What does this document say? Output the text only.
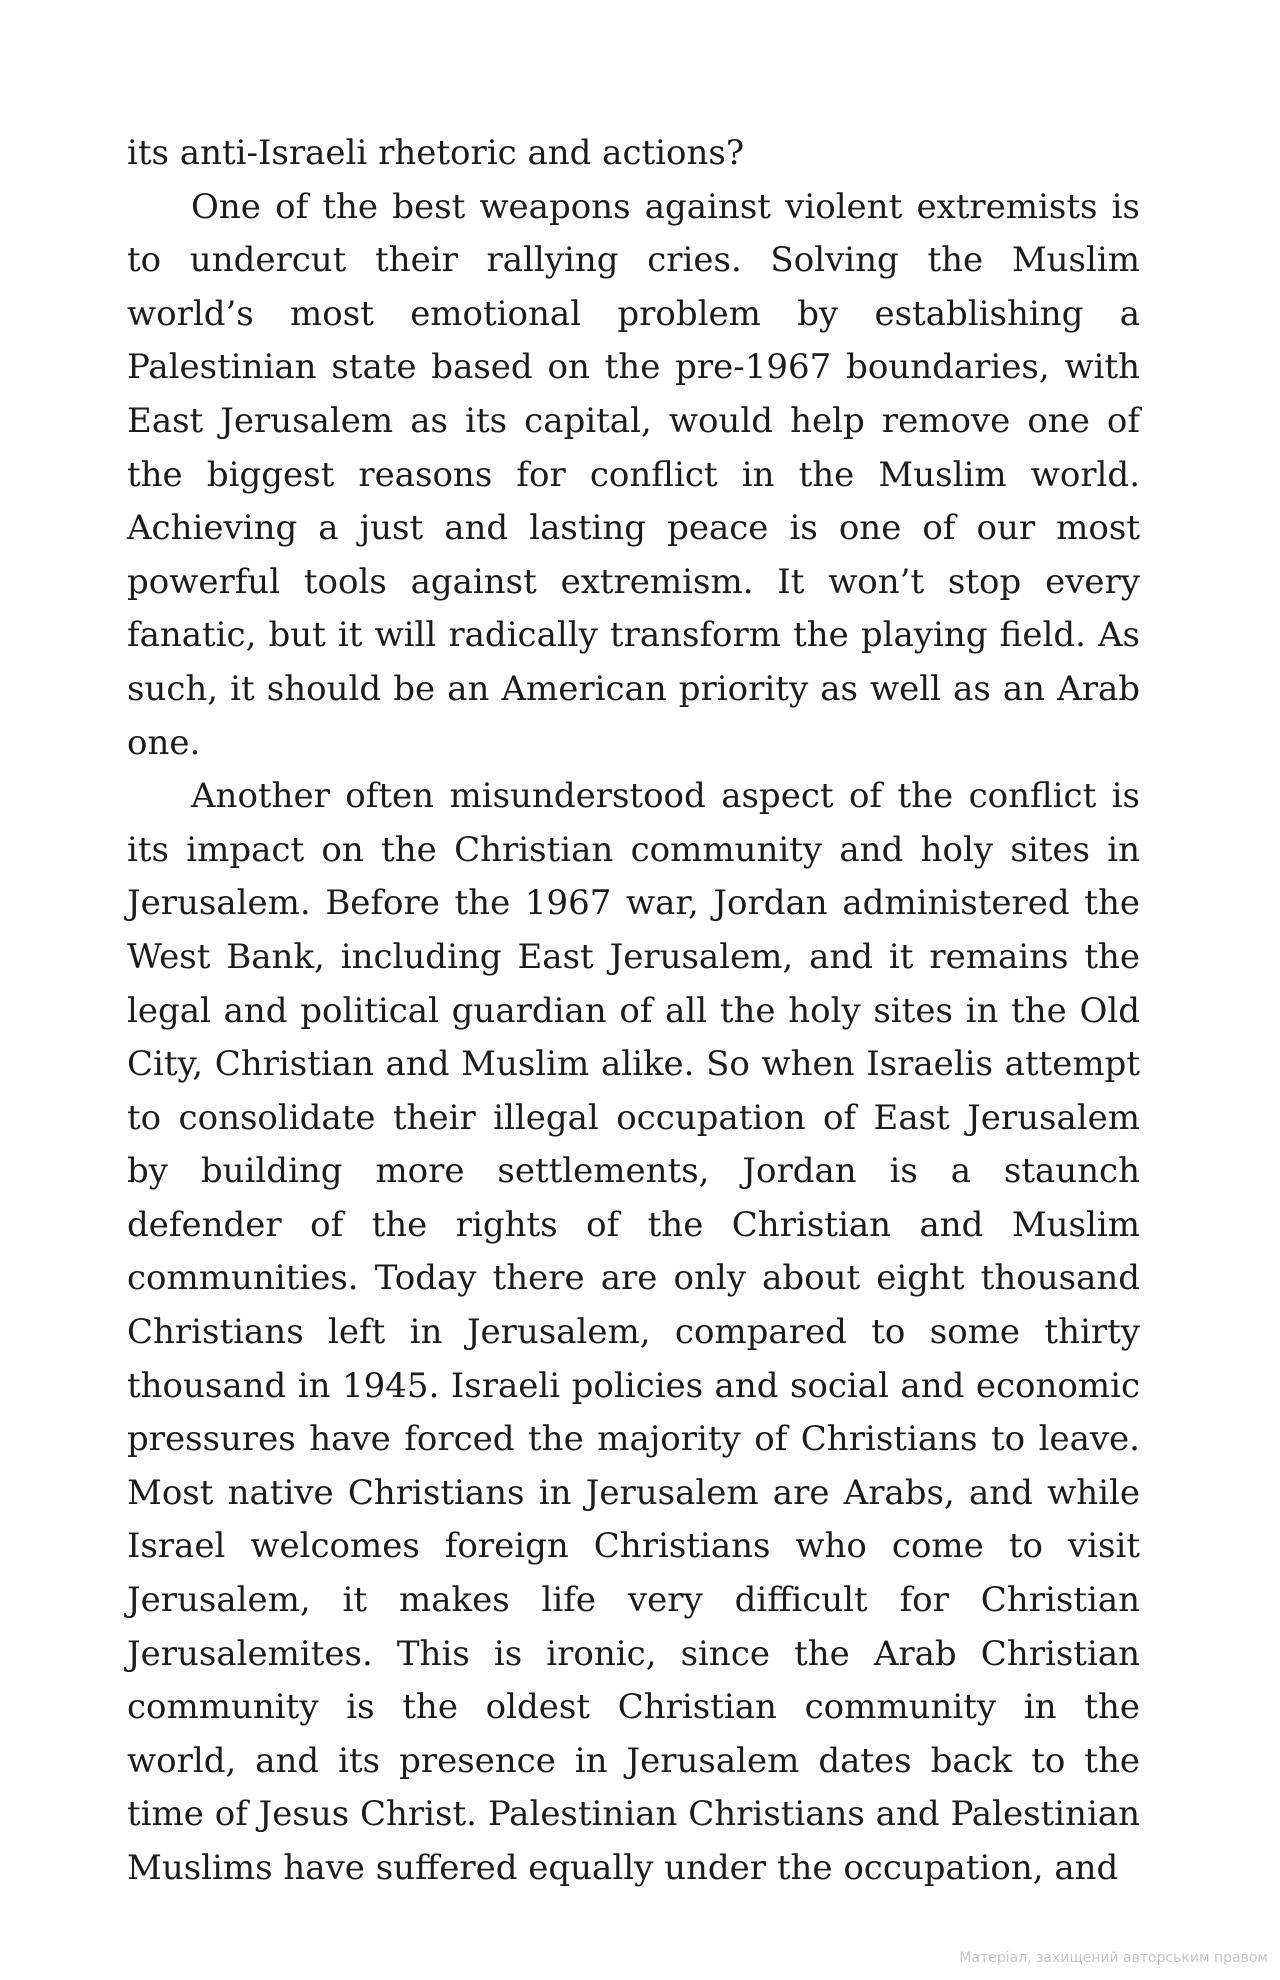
its anti-Israeli rhetoric and actions?

One of the best weapons against violent extremists is to undercut their rallying cries. Solving the Muslim world’s most emotional problem by establishing a Palestinian state based on the pre-1967 boundaries, with East Jerusalem as its capital, would help remove one of the biggest reasons for conflict in the Muslim world. Achieving a just and lasting peace is one of our most powerful tools against extremism. It won’t stop every fanatic, but it will radically transform the playing field. As such, it should be an American priority as well as an Arab one.

Another often misunderstood aspect of the conflict is its impact on the Christian community and holy sites in Jerusalem. Before the 1967 war, Jordan administered the West Bank, including East Jerusalem, and it remains the legal and political guardian of all the holy sites in the Old City, Christian and Muslim alike. So when Israelis attempt to consolidate their illegal occupation of East Jerusalem by building more settlements, Jordan is a staunch defender of the rights of the Christian and Muslim communities. Today there are only about eight thousand Christians left in Jerusalem, compared to some thirty thousand in 1945. Israeli policies and social and economic pressures have forced the majority of Christians to leave. Most native Christians in Jerusalem are Arabs, and while Israel welcomes foreign Christians who come to visit Jerusalem, it makes life very difficult for Christian Jerusalemites. This is ironic, since the Arab Christian community is the oldest Christian community in the world, and its presence in Jerusalem dates back to the time of Jesus Christ. Palestinian Christians and Palestinian Muslims have suffered equally under the occupation, and

Матеріал, захищений авторським правом
